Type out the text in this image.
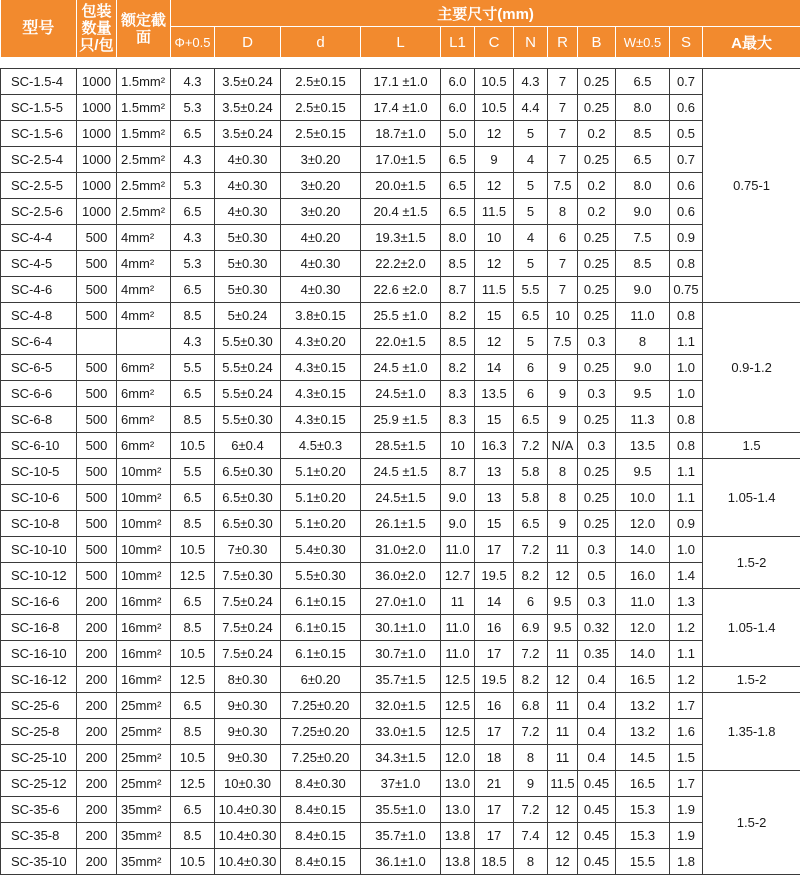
型号	包装数量只/包	额定截面	主要尺寸(mm)											
			Φ+0.5	D	d	L	L1	C	N	R	B	W±0.5	S	A最大

SC-1.5-4	1000	1.5mm²	4.3	3.5±0.24	2.5±0.15	17.1 ±1.0	6.0	10.5	4.3	7	0.25	6.5	0.7	0.75-1
SC-1.5-5	1000	1.5mm²	5.3	3.5±0.24	2.5±0.15	17.4 ±1.0	6.0	10.5	4.4	7	0.25	8.0	0.6	
SC-1.5-6	1000	1.5mm²	6.5	3.5±0.24	2.5±0.15	18.7±1.0	5.0	12	5	7	0.2	8.5	0.5	
SC-2.5-4	1000	2.5mm²	4.3	4±0.30	3±0.20	17.0±1.5	6.5	9	4	7	0.25	6.5	0.7	
SC-2.5-5	1000	2.5mm²	5.3	4±0.30	3±0.20	20.0±1.5	6.5	12	5	7.5	0.2	8.0	0.6	
SC-2.5-6	1000	2.5mm²	6.5	4±0.30	3±0.20	20.4 ±1.5	6.5	11.5	5	8	0.2	9.0	0.6	
SC-4-4	500	4mm²	4.3	5±0.30	4±0.20	19.3±1.5	8.0	10	4	6	0.25	7.5	0.9	
SC-4-5	500	4mm²	5.3	5±0.30	4±0.30	22.2±2.0	8.5	12	5	7	0.25	8.5	0.8	
SC-4-6	500	4mm²	6.5	5±0.30	4±0.30	22.6 ±2.0	8.7	11.5	5.5	7	0.25	9.0	0.75	
SC-4-8	500	4mm²	8.5	5±0.24	3.8±0.15	25.5 ±1.0	8.2	15	6.5	10	0.25	11.0	0.8	0.9-1.2
SC-6-4			4.3	5.5±0.30	4.3±0.20	22.0±1.5	8.5	12	5	7.5	0.3	8	1.1	
SC-6-5	500	6mm²	5.5	5.5±0.24	4.3±0.15	24.5 ±1.0	8.2	14	6	9	0.25	9.0	1.0	
SC-6-6	500	6mm²	6.5	5.5±0.24	4.3±0.15	24.5±1.0	8.3	13.5	6	9	0.3	9.5	1.0	
SC-6-8	500	6mm²	8.5	5.5±0.30	4.3±0.15	25.9 ±1.5	8.3	15	6.5	9	0.25	11.3	0.8	
SC-6-10	500	6mm²	10.5	6±0.4	4.5±0.3	28.5±1.5	10	16.3	7.2	N/A	0.3	13.5	0.8	1.5
SC-10-5	500	10mm²	5.5	6.5±0.30	5.1±0.20	24.5 ±1.5	8.7	13	5.8	8	0.25	9.5	1.1	1.05-1.4
SC-10-6	500	10mm²	6.5	6.5±0.30	5.1±0.20	24.5±1.5	9.0	13	5.8	8	0.25	10.0	1.1	
SC-10-8	500	10mm²	8.5	6.5±0.30	5.1±0.20	26.1±1.5	9.0	15	6.5	9	0.25	12.0	0.9	
SC-10-10	500	10mm²	10.5	7±0.30	5.4±0.30	31.0±2.0	11.0	17	7.2	11	0.3	14.0	1.0	1.5-2
SC-10-12	500	10mm²	12.5	7.5±0.30	5.5±0.30	36.0±2.0	12.7	19.5	8.2	12	0.5	16.0	1.4	
SC-16-6	200	16mm²	6.5	7.5±0.24	6.1±0.15	27.0±1.0	11	14	6	9.5	0.3	11.0	1.3	1.05-1.4
SC-16-8	200	16mm²	8.5	7.5±0.24	6.1±0.15	30.1±1.0	11.0	16	6.9	9.5	0.32	12.0	1.2	
SC-16-10	200	16mm²	10.5	7.5±0.24	6.1±0.15	30.7±1.0	11.0	17	7.2	11	0.35	14.0	1.1	
SC-16-12	200	16mm²	12.5	8±0.30	6±0.20	35.7±1.5	12.5	19.5	8.2	12	0.4	16.5	1.2	1.5-2
SC-25-6	200	25mm²	6.5	9±0.30	7.25±0.20	32.0±1.5	12.5	16	6.8	11	0.4	13.2	1.7	1.35-1.8
SC-25-8	200	25mm²	8.5	9±0.30	7.25±0.20	33.0±1.5	12.5	17	7.2	11	0.4	13.2	1.6	
SC-25-10	200	25mm²	10.5	9±0.30	7.25±0.20	34.3±1.5	12.0	18	8	11	0.4	14.5	1.5	
SC-25-12	200	25mm²	12.5	10±0.30	8.4±0.30	37±1.0	13.0	21	9	11.5	0.45	16.5	1.7	1.5-2
SC-35-6	200	35mm²	6.5	10.4±0.30	8.4±0.15	35.5±1.0	13.0	17	7.2	12	0.45	15.3	1.9	
SC-35-8	200	35mm²	8.5	10.4±0.30	8.4±0.15	35.7±1.0	13.8	17	7.4	12	0.45	15.3	1.9	
SC-35-10	200	35mm²	10.5	10.4±0.30	8.4±0.15	36.1±1.0	13.8	18.5	8	12	0.45	15.5	1.8	
